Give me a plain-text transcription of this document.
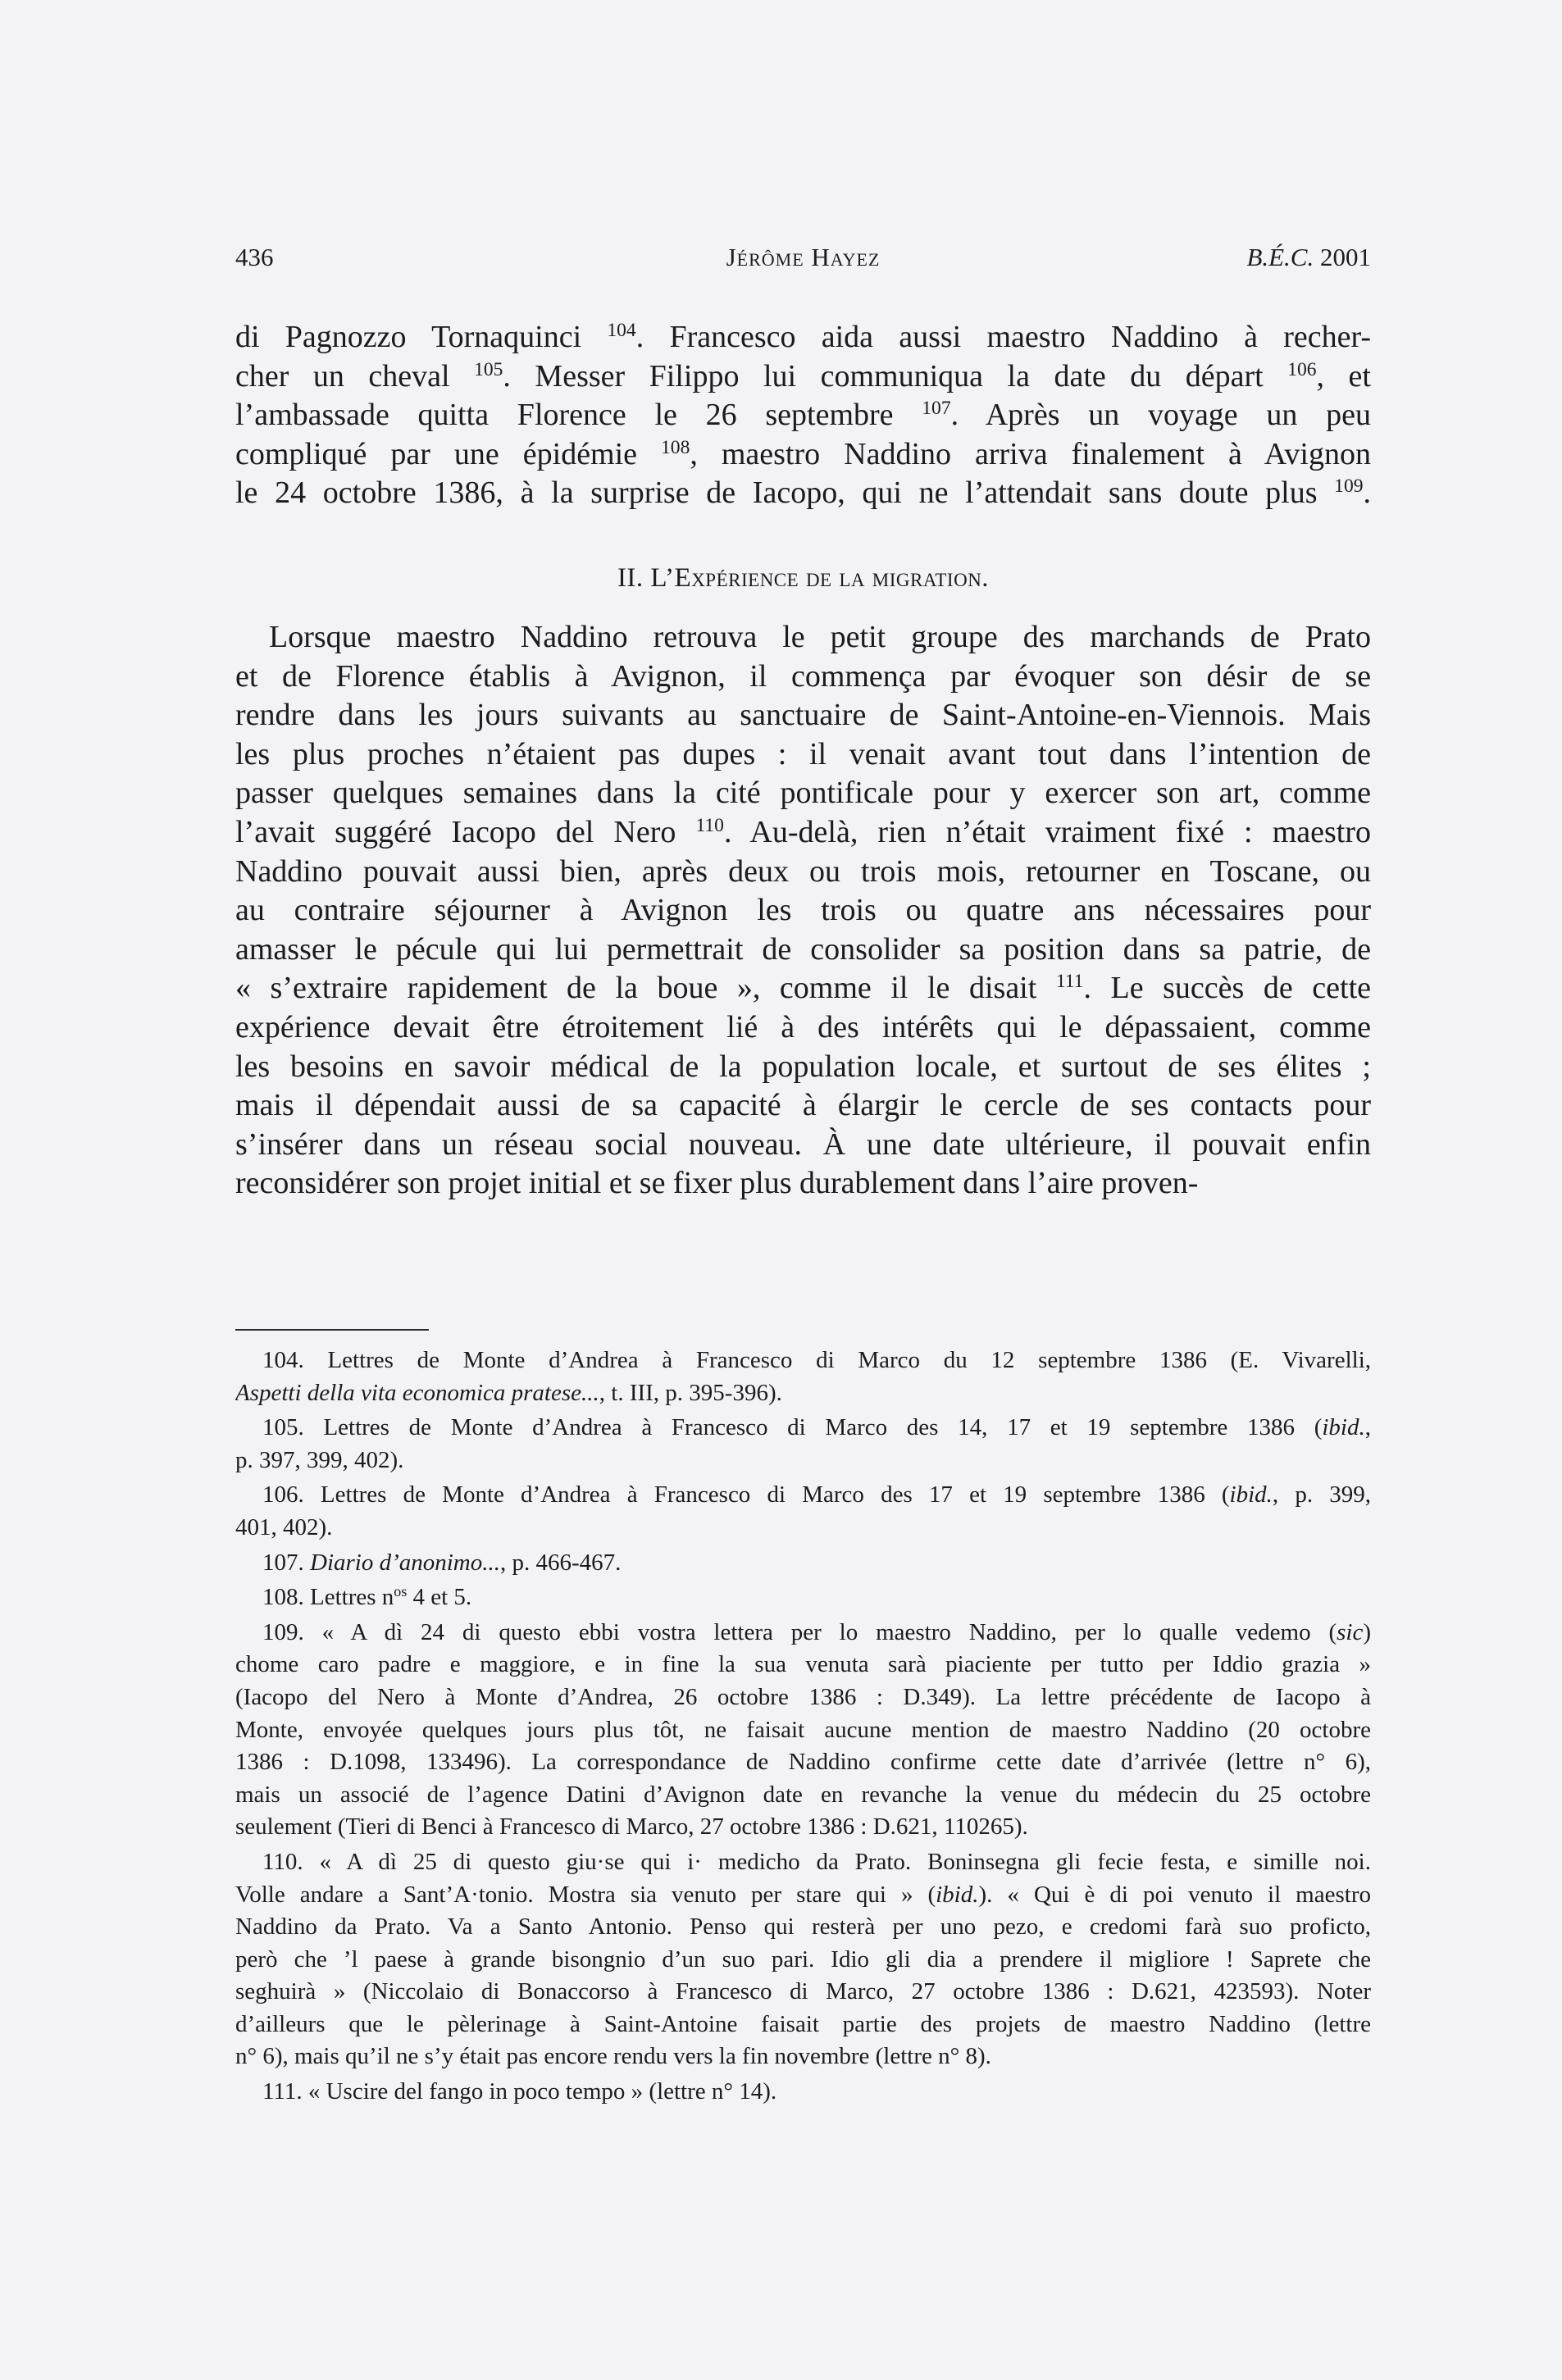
436	Jérôme Hayez	B.É.C. 2001
di Pagnozzo Tornaquinci $^{104}$. Francesco aida aussi maestro Naddino à recher-
cher un cheval $^{105}$. Messer Filippo lui communiqua la date du départ $^{106}$, et
l’ambassade quitta Florence le 26 septembre $^{107}$. Après un voyage un peu
compliqué par une épidémie $^{108}$, maestro Naddino arriva finalement à Avignon
le 24 octobre 1386, à la surprise de Iacopo, qui ne l’attendait sans doute plus $^{109}$.
II. L’Expérience de la migration.
Lorsque maestro Naddino retrouva le petit groupe des marchands de Prato
et de Florence établis à Avignon, il commença par évoquer son désir de se
rendre dans les jours suivants au sanctuaire de Saint-Antoine-en-Viennois. Mais
les plus proches n’étaient pas dupes : il venait avant tout dans l’intention de
passer quelques semaines dans la cité pontificale pour y exercer son art, comme
l’avait suggéré Iacopo del Nero $^{110}$. Au-delà, rien n’était vraiment fixé : maestro
Naddino pouvait aussi bien, après deux ou trois mois, retourner en Toscane, ou
au contraire séjourner à Avignon les trois ou quatre ans nécessaires pour
amasser le pécule qui lui permettrait de consolider sa position dans sa patrie, de
« s’extraire rapidement de la boue », comme il le disait $^{111}$. Le succès de cette
expérience devait être étroitement lié à des intérêts qui le dépassaient, comme
les besoins en savoir médical de la population locale, et surtout de ses élites ;
mais il dépendait aussi de sa capacité à élargir le cercle de ses contacts pour
s’insérer dans un réseau social nouveau. À une date ultérieure, il pouvait enfin
reconsidérer son projet initial et se fixer plus durablement dans l’aire proven-
104. Lettres de Monte d’Andrea à Francesco di Marco du 12 septembre 1386 (E. Vivarelli,
Aspetti della vita economica pratese..., t. III, p. 395-396).
105. Lettres de Monte d’Andrea à Francesco di Marco des 14, 17 et 19 septembre 1386 (ibid.,
p. 397, 399, 402).
106. Lettres de Monte d’Andrea à Francesco di Marco des 17 et 19 septembre 1386 (ibid., p. 399,
401, 402).
107. Diario d’anonimo..., p. 466-467.
108. Lettres $n^{os}$ 4 et 5.
109. « A dì 24 di questo ebbi vostra lettera per lo maestro Naddino, per lo qualle vedemo (sic)
chome caro padre e maggiore, e in fine la sua venuta sarà piaciente per tutto per Iddio grazia »
(Iacopo del Nero à Monte d’Andrea, 26 octobre 1386 : D.349). La lettre précédente de Iacopo à
Monte, envoyée quelques jours plus tôt, ne faisait aucune mention de maestro Naddino (20 octobre
1386 : D.1098, 133496). La correspondance de Naddino confirme cette date d’arrivée (lettre n° 6),
mais un associé de l’agence Datini d’Avignon date en revanche la venue du médecin du 25 octobre
seulement (Tieri di Benci à Francesco di Marco, 27 octobre 1386 : D.621, 110265).
110. « A dì 25 di questo giu·se qui i· medicho da Prato. Boninsegna gli fecie festa, e simille noi.
Volle andare a Sant’A·tonio. Mostra sia venuto per stare qui » (ibid.). « Qui è di poi venuto il maestro
Naddino da Prato. Va a Santo Antonio. Penso qui resterà per uno pezo, e credomi farà suo proficto,
però che ’l paese à grande bisongnio d’un suo pari. Idio gli dia a prendere il migliore ! Saprete che
seghuirà » (Niccolaio di Bonaccorso à Francesco di Marco, 27 octobre 1386 : D.621, 423593). Noter
d’ailleurs que le pèlerinage à Saint-Antoine faisait partie des projets de maestro Naddino (lettre
n° 6), mais qu’il ne s’y était pas encore rendu vers la fin novembre (lettre n° 8).
111. « Uscire del fango in poco tempo » (lettre n° 14).
